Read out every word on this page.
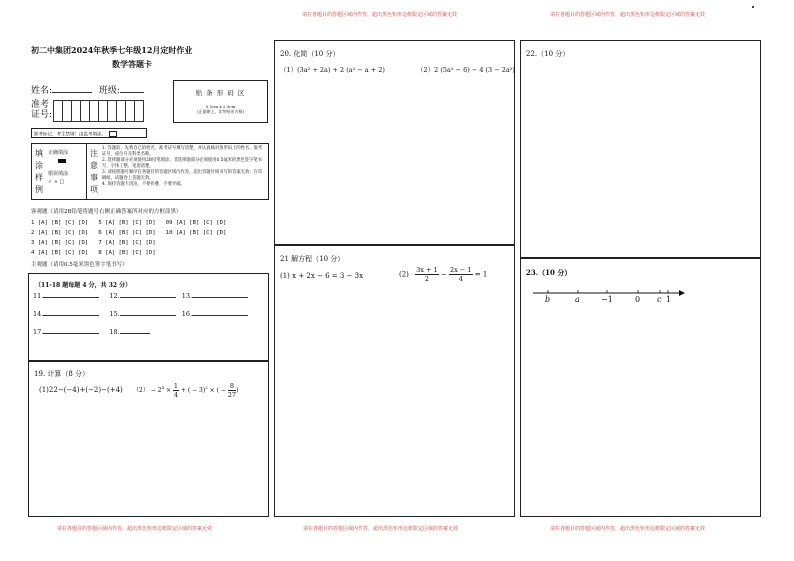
请在各题目的答题区域内作答，超出黑色矩形边框限定区域的答案无效	请在各题目的答题区域内作答，超出黑色矩形边框限定区域的答案无效
初二中集团2024年秋季七年级12月定时作业
数学答题卡
姓名:	班级:
准考
证号:
贴 条 形 码 区
5.5cm x 2.5cm
(正面朝上，切勿贴出方框)
缺考标记，考生禁填！由监考填涂。
填
涂
样
例
正确填涂
错误填涂
✓ × □
注
意
事
项
1. 答题前，先将自己的姓名、准考证号填写清楚，并认真核对条形码上的姓名、准考证号、座位号及科类名称。
2. 选择题部分必须使用2B铅笔填涂；非选择题部分必须使用0.5毫米的黑色签字笔书写，字体工整、笔迹清楚。
3. 请按照题号顺序在各题目的答题区域内作答，超出答题区域书写的答案无效；在草稿纸、试题卷上答题无效。
4. 保持答题卡清洁，不要折叠、不要弄破。
客观题（请用2B铅笔将题号右侧正确答案所对应的方框涂黑）
1 [A] [B] [C] [D]   5 [A] [B] [C] [D]   09 [A] [B] [C] [D]
2 [A] [B] [C] [D]   6 [A] [B] [C] [D]   10 [A] [B] [C] [D]
3 [A] [B] [C] [D]   7 [A] [B] [C] [D]
4 [A] [B] [C] [D]   8 [A] [B] [C] [D]
主观题（请用0.5毫米黑色签字笔书写）
（11-18 题每题 4 分，共 32 分）
11.	12.	13.
14.	15.	16.
17.	18.
19. 计算（8 分）
(1)22−(−4)+(−2)−(+4) $(2) - 2^4 \times \frac{1}{4}$ + ( − 3)$^2$ × ( − $\frac{8}{27}$ )
请在各题目的答题区域内作答，超出黑色矩形边框限定区域的答案无效
20. 化简（10 分）
（1）(3a² + 2a) + 2 (a² − a + 2)	（2）2 (5a² − 6) − 4 (3 − 2a²)
21 解方程（10 分）
(1) x + 2x − 6 = 3 − 3x	$(2) \frac{3x + 1}{2} - \frac{2x - 1}{4} = 1$
请在各题目的答题区域内作答，超出黑色矩形边框限定区域的答案无效
22.（10 分）
23.（10 分）
b	a	−1	0 c 1
请在各题目的答题区域内作答，超出黑色矩形边框限定区域的答案无效
